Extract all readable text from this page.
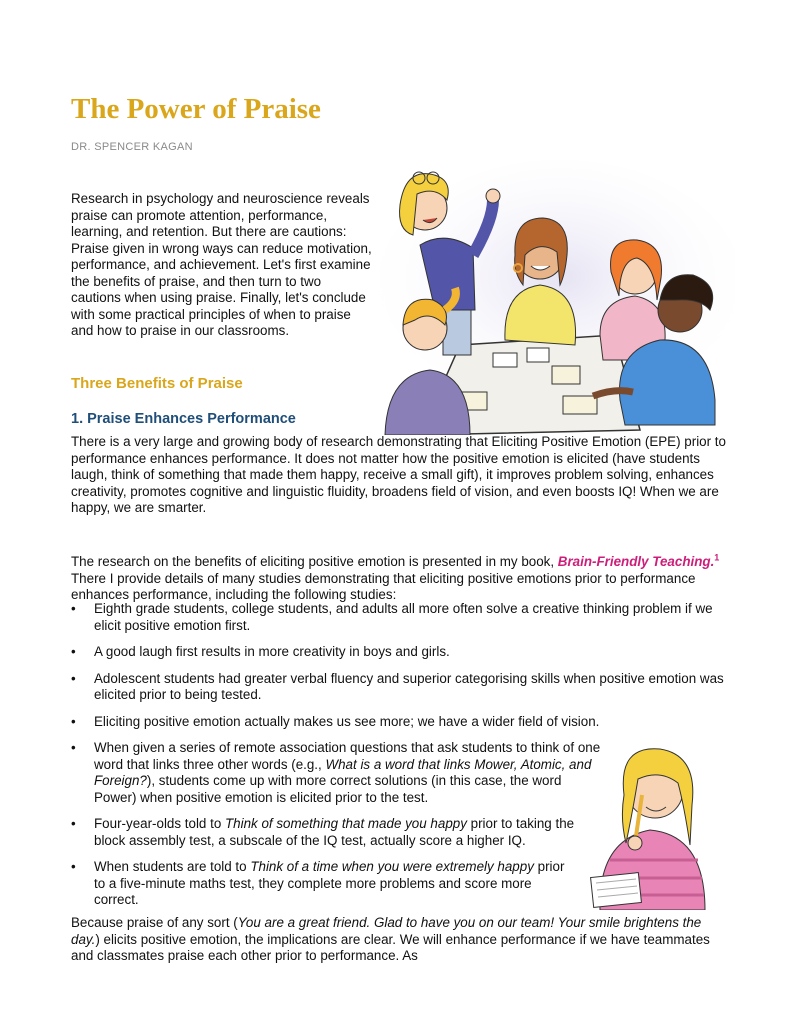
The Power of Praise

DR. SPENCER KAGAN

Research in psychology and neuroscience reveals praise can promote attention, performance, learning, and retention. But there are cautions: Praise given in wrong ways can reduce motivation, performance, and achievement. Let's first examine the benefits of praise, and then turn to two cautions when using praise. Finally, let's conclude with some practical principles of when to praise and how to praise in our classrooms.

Three Benefits of Praise
1. Praise Enhances Performance

There is a very large and growing body of research demonstrating that Eliciting Positive Emotion (EPE) prior to performance enhances performance. It does not matter how the positive emotion is elicited (have students laugh, think of something that made them happy, receive a small gift), it improves problem solving, enhances creativity, promotes cognitive and linguistic fluidity, broadens field of vision, and even boosts IQ! When we are happy, we are smarter.

The research on the benefits of eliciting positive emotion is presented in my book, Brain-Friendly Teaching.$^1$ There I provide details of many studies demonstrating that eliciting positive emotions prior to performance enhances performance, including the following studies:

• Eighth grade students, college students, and adults all more often solve a creative thinking problem if we elicit positive emotion first.
• A good laugh first results in more creativity in boys and girls.
• Adolescent students had greater verbal fluency and superior categorising skills when positive emotion was elicited prior to being tested.
• Eliciting positive emotion actually makes us see more; we have a wider field of vision.
• When given a series of remote association questions that ask students to think of one word that links three other words (e.g., What is a word that links Mower, Atomic, and Foreign?), students come up with more correct solutions (in this case, the word Power) when positive emotion is elicited prior to the test.
• Four-year-olds told to Think of something that made you happy prior to taking the block assembly test, a subscale of the IQ test, actually score a higher IQ.
• When students are told to Think of a time when you were extremely happy prior to a five-minute maths test, they complete more problems and score more correct.

Because praise of any sort (You are a great friend. Glad to have you on our team! Your smile brightens the day.) elicits positive emotion, the implications are clear. We will enhance performance if we have teammates and classmates praise each other prior to performance. As
